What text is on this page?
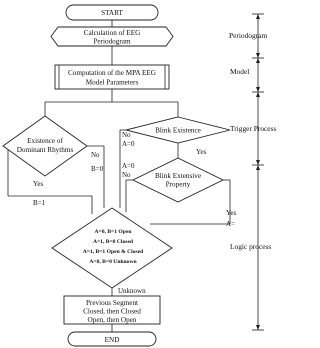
START
Calculation of EEG
Periodogram
Computation of the MPA EEG
Model Parameters
Existence of
Dominant Rhythms
Blink Existence
Blink Extensive
Property
A=0, B=1 Open
A=1, B=0 Closed
A=1, B=1 Open & Closed
A=0, B=0 Unknown
Previous Segment
Closed, then Closed
Open, then Open
END
No
A=0
No
B=0
Yes
B=1
Yes
A=0
No
Yes
A=
Unknown
Periodogram
Model
Trigger Process
Logic process
